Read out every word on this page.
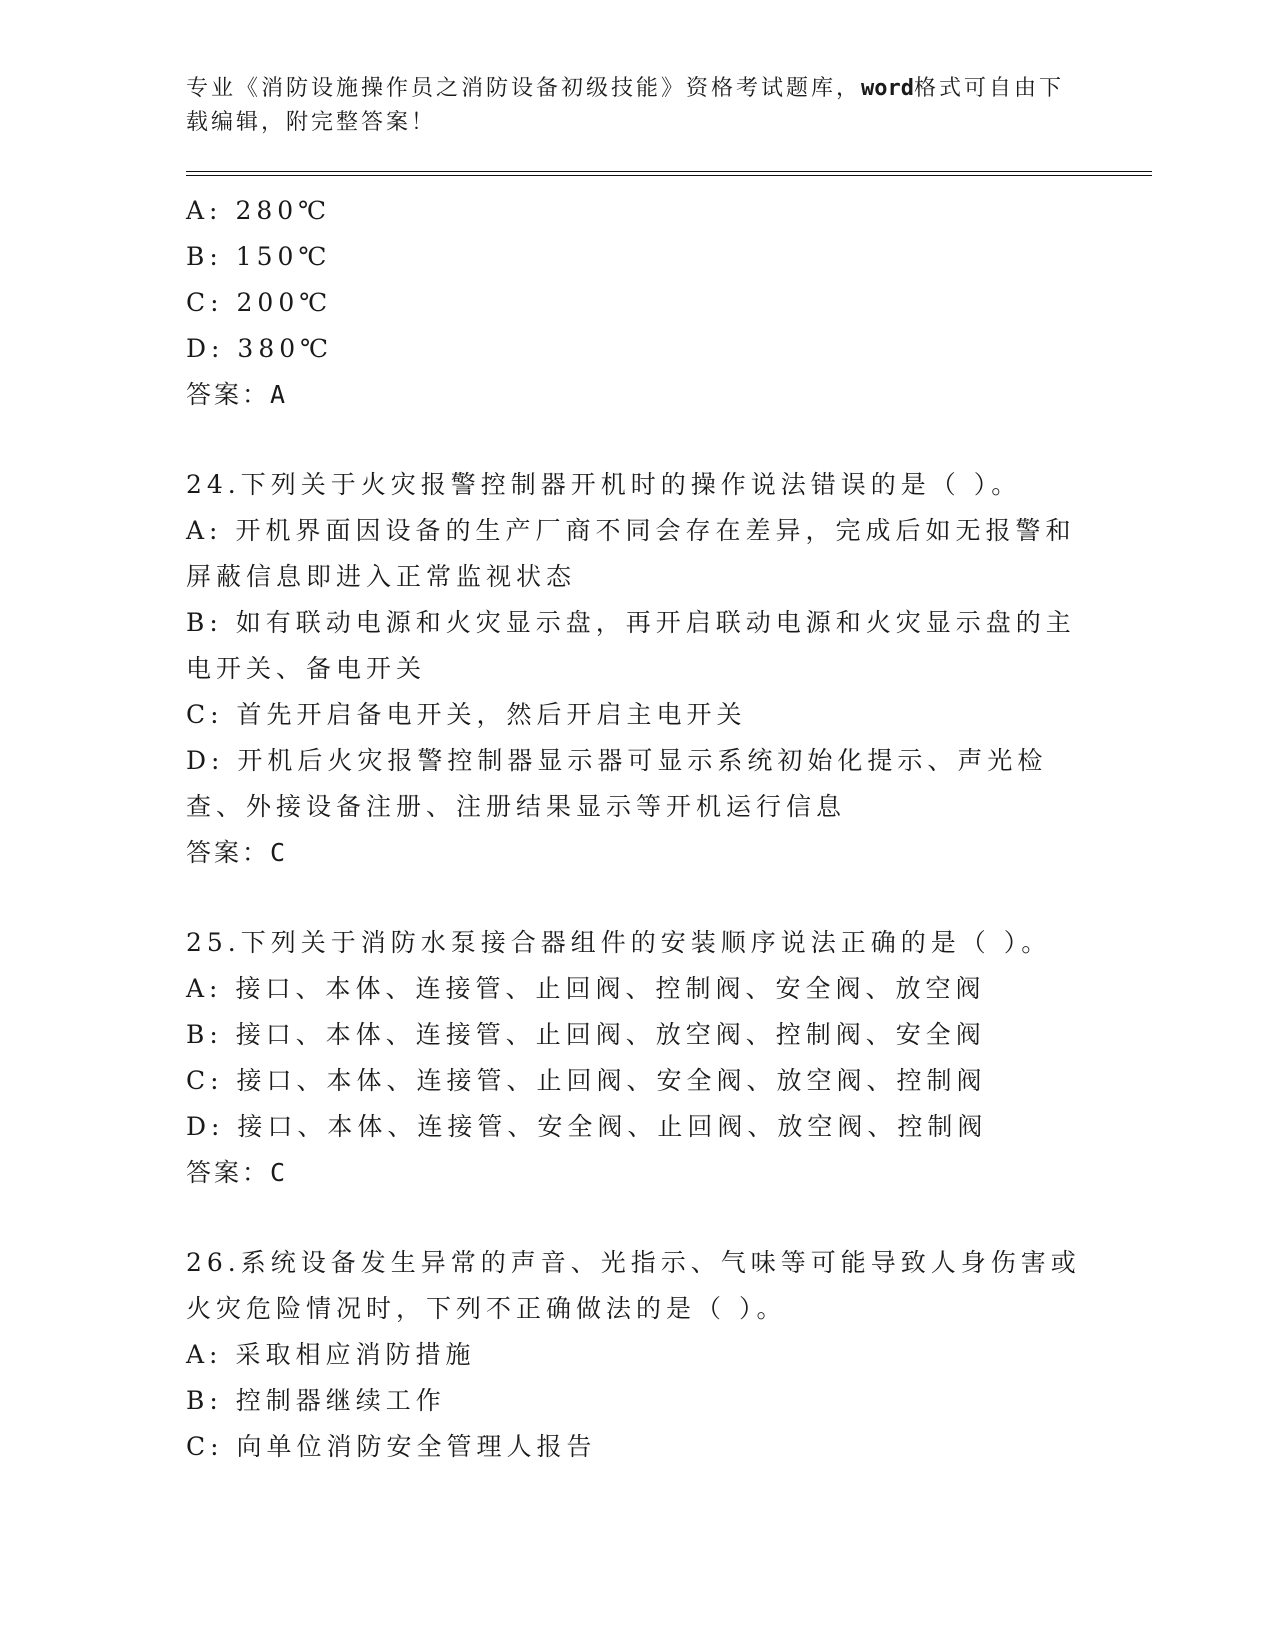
专业《消防设施操作员之消防设备初级技能》资格考试题库，word格式可自由下载编辑，附完整答案！

A: 280℃

B: 150℃

C: 200℃

D: 380℃

答案：A

24.下列关于火灾报警控制器开机时的操作说法错误的是（ ）。

A: 开机界面因设备的生产厂商不同会存在差异，完成后如无报警和屏蔽信息即进入正常监视状态

B: 如有联动电源和火灾显示盘，再开启联动电源和火灾显示盘的主电开关、备电开关

C: 首先开启备电开关，然后开启主电开关

D: 开机后火灾报警控制器显示器可显示系统初始化提示、声光检查、外接设备注册、注册结果显示等开机运行信息

答案：C

25.下列关于消防水泵接合器组件的安装顺序说法正确的是（ ）。

A: 接口、本体、连接管、止回阀、控制阀、安全阀、放空阀

B: 接口、本体、连接管、止回阀、放空阀、控制阀、安全阀

C: 接口、本体、连接管、止回阀、安全阀、放空阀、控制阀

D: 接口、本体、连接管、安全阀、止回阀、放空阀、控制阀

答案：C

26.系统设备发生异常的声音、光指示、气味等可能导致人身伤害或火灾危险情况时，下列不正确做法的是（ ）。

A: 采取相应消防措施

B: 控制器继续工作

C: 向单位消防安全管理人报告
